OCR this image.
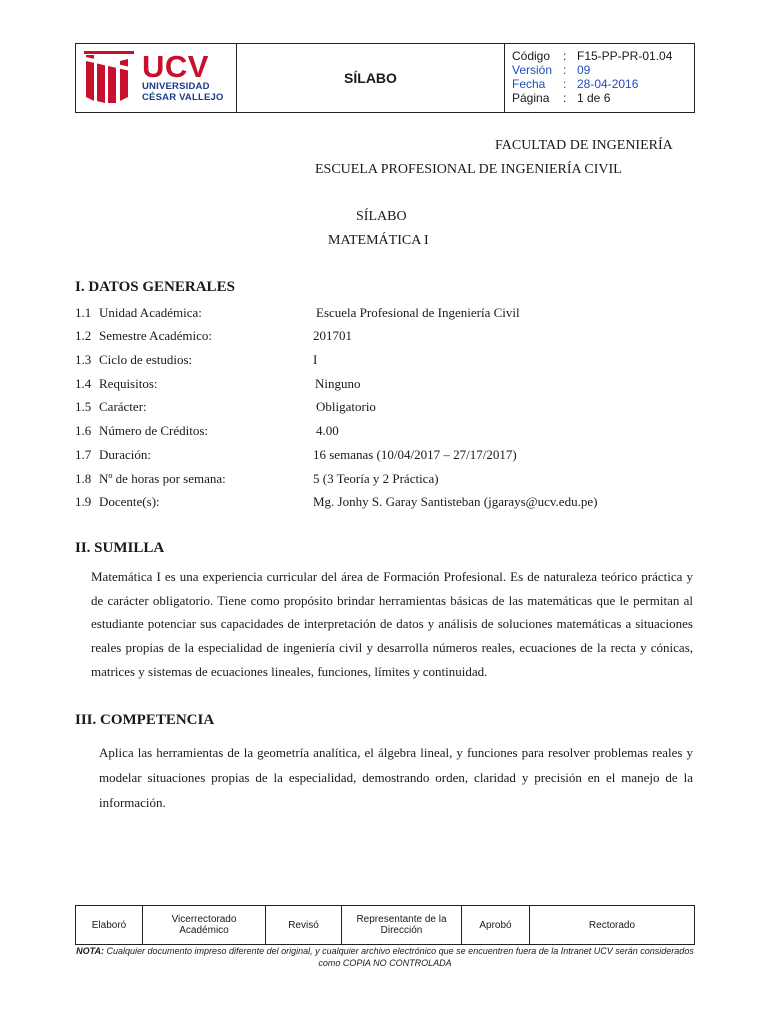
UCV
UNIVERSIDAD
CÉSAR VALLEJO
SÍLABO
Código	: F15-PP-PR-01.04
Versión : 09
Fecha	: 28-04-2016
Página	: 1 de 6
FACULTAD DE INGENIERÍA
ESCUELA PROFESIONAL DE INGENIERÍA CIVIL
SÍLABO
MATEMÁTICA I
I. DATOS GENERALES
1.1 Unidad Académica:	Escuela Profesional de Ingeniería Civil
1.2 Semestre Académico:	201701
1.3 Ciclo de estudios:	I
1.4 Requisitos:	Ninguno
1.5 Carácter:	Obligatorio
1.6 Número de Créditos:	4.00
1.7 Duración:	16 semanas (10/04/2017 – 27/17/2017)
1.8 Nº de horas por semana:	5 (3 Teoría y 2 Práctica)
1.9 Docente(s):	Mg. Jonhy S. Garay Santisteban (jgarays@ucv.edu.pe)
II. SUMILLA
Matemática I es una experiencia curricular del área de Formación Profesional. Es de naturaleza teórico práctica y de carácter obligatorio. Tiene como propósito brindar herramientas básicas de las matemáticas que le permitan al estudiante potenciar sus capacidades de interpretación de datos y análisis de soluciones matemáticas a situaciones reales propias de la especialidad de ingeniería civil y desarrolla números reales, ecuaciones de la recta y cónicas, matrices y sistemas de ecuaciones lineales, funciones, límites y continuidad.
III. COMPETENCIA
Aplica las herramientas de la geometría analítica, el álgebra lineal, y funciones para resolver problemas reales y modelar situaciones propias de la especialidad, demostrando orden, claridad y precisión en el manejo de la información.
Elaboró	Vicerrectorado Académico	Revisó	Representante de la Dirección	Aprobó	Rectorado
NOTA: Cualquier documento impreso diferente del original, y cualquier archivo electrónico que se encuentren fuera de la Intranet UCV serán considerados como COPIA NO CONTROLADA
